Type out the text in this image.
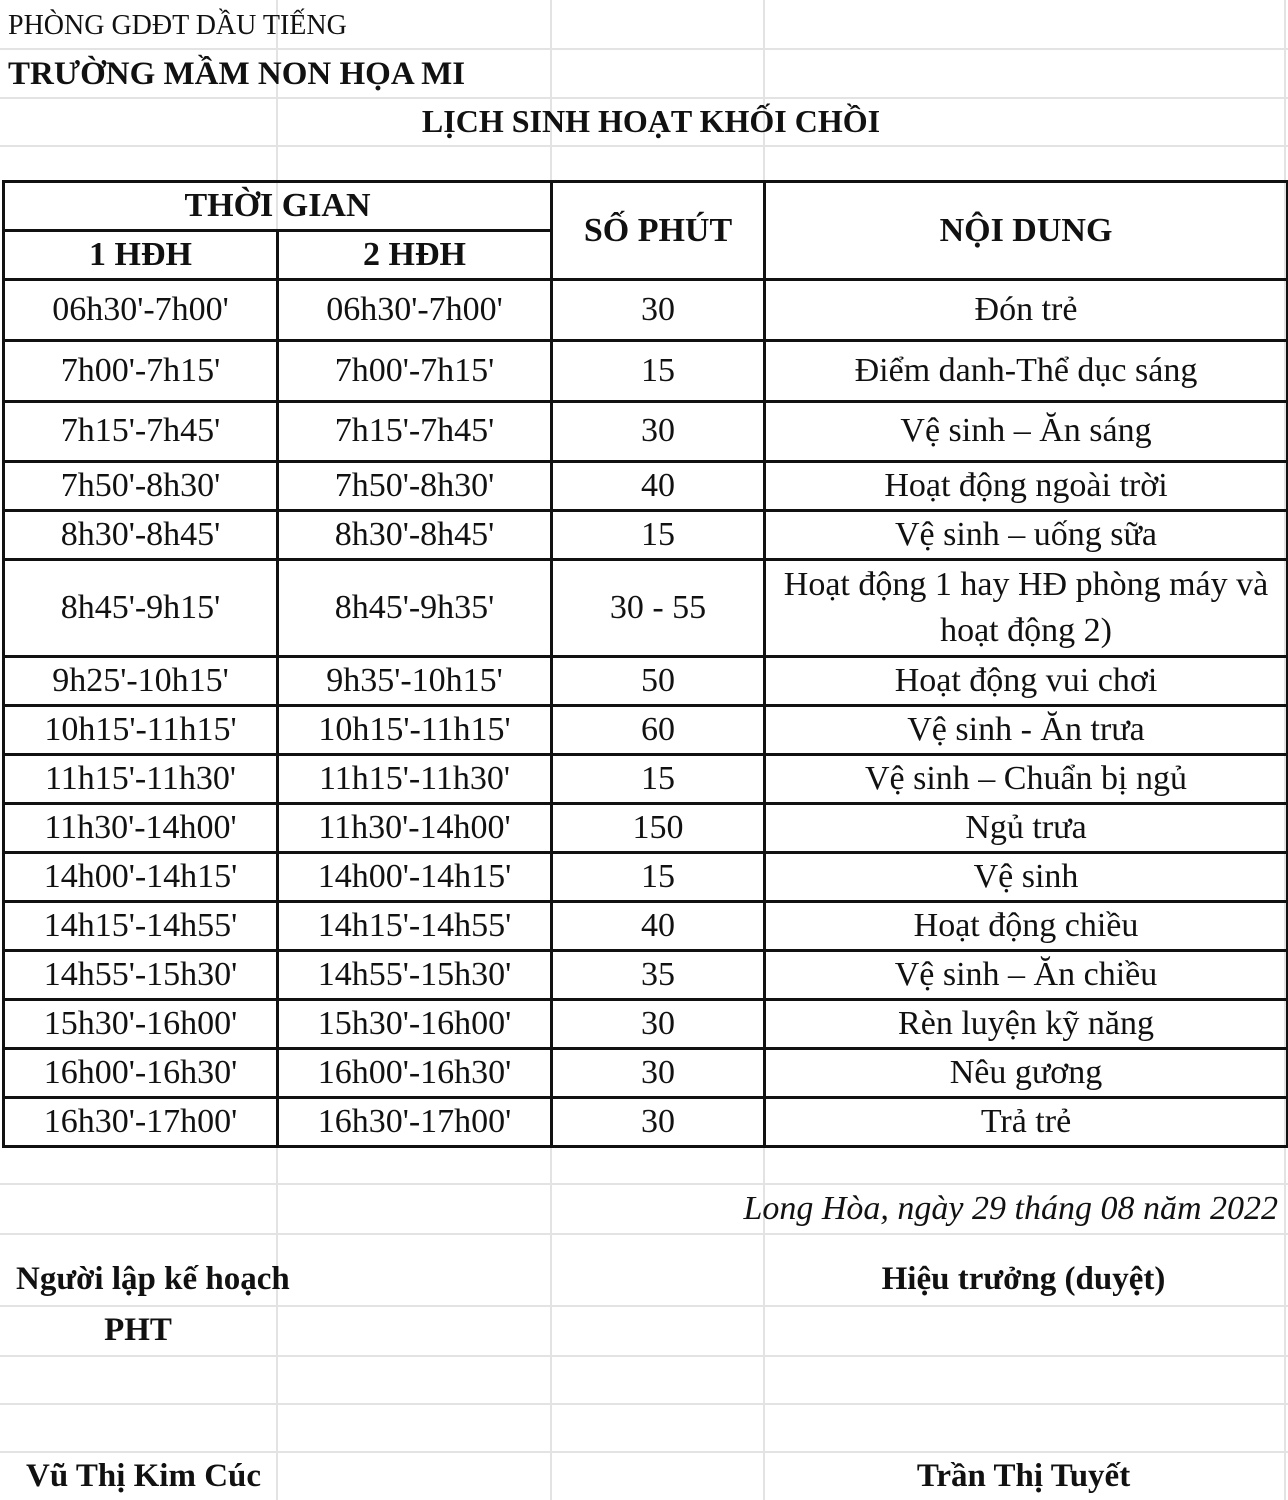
PHÒNG GDĐT DẦU TIẾNG
TRƯỜNG MẦM NON HỌA MI
LỊCH SINH HOẠT KHỐI CHỒI
THỜI GIAN		SỐ PHÚT	NỘI DUNG
1 HĐH	2 HĐH		
06h30'-7h00'	06h30'-7h00'	30	Đón trẻ
7h00'-7h15'	7h00'-7h15'	15	Điểm danh-Thể dục sáng
7h15'-7h45'	7h15'-7h45'	30	Vệ sinh – Ăn sáng
7h50'-8h30'	7h50'-8h30'	40	Hoạt động ngoài trời
8h30'-8h45'	8h30'-8h45'	15	Vệ sinh – uống sữa
8h45'-9h15'	8h45'-9h35'	30 - 55	Hoạt động 1 hay HĐ phòng máy và hoạt động 2)
9h25'-10h15'	9h35'-10h15'	50	Hoạt động vui chơi
10h15'-11h15'	10h15'-11h15'	60	Vệ sinh - Ăn trưa
11h15'-11h30'	11h15'-11h30'	15	Vệ sinh – Chuẩn bị ngủ
11h30'-14h00'	11h30'-14h00'	150	Ngủ trưa
14h00'-14h15'	14h00'-14h15'	15	Vệ sinh
14h15'-14h55'	14h15'-14h55'	40	Hoạt động chiều
14h55'-15h30'	14h55'-15h30'	35	Vệ sinh – Ăn chiều
15h30'-16h00'	15h30'-16h00'	30	Rèn luyện kỹ năng
16h00'-16h30'	16h00'-16h30'	30	Nêu gương
16h30'-17h00'	16h30'-17h00'	30	Trả trẻ
Long Hòa, ngày 29 tháng 08 năm 2022
Người lập kế hoạch	Hiệu trưởng (duyệt)
PHT
Vũ Thị Kim Cúc	Trần Thị Tuyết
